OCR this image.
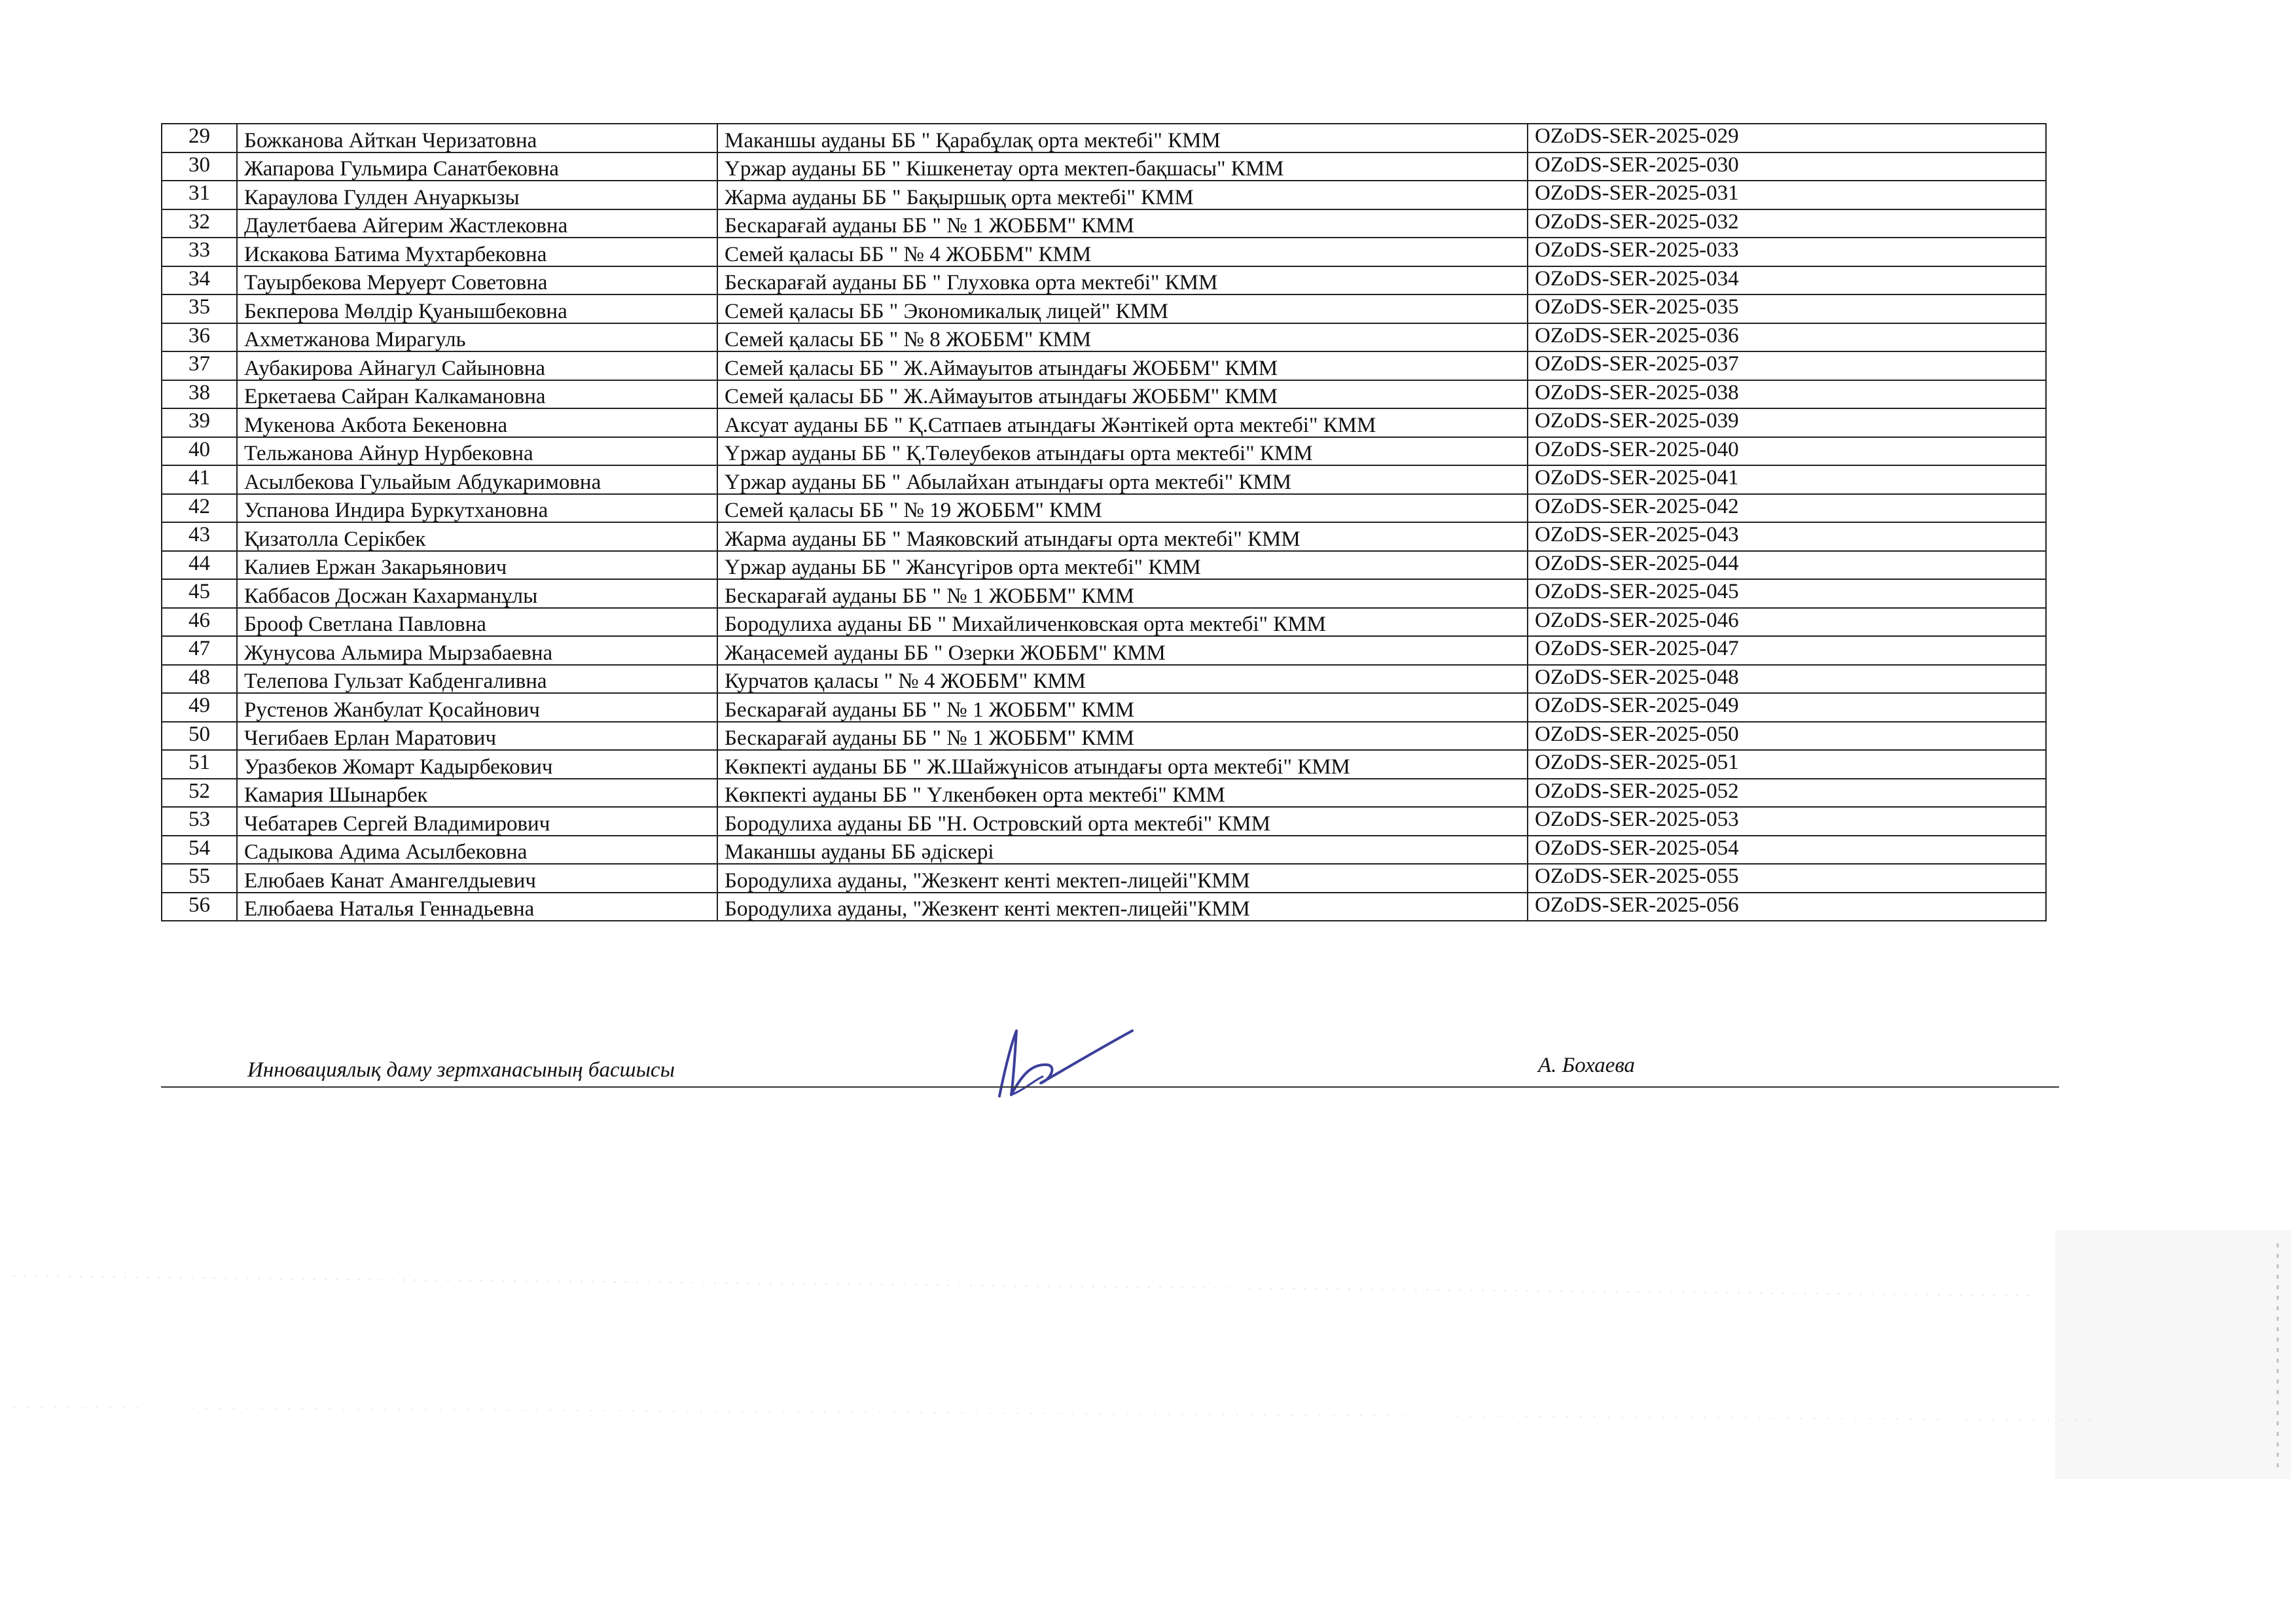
29	Божканова Айткан Черизатовна	Маканшы ауданы ББ " Қарабұлақ орта мектебі" КММ	OZoDS-SER-2025-029
30	Жапарова Гульмира Санатбековна	Үржар ауданы ББ " Кішкенетау орта мектеп-бақшасы" КММ	OZoDS-SER-2025-030
31	Караулова Гулден Ануаркызы	Жарма ауданы ББ " Бақыршық орта мектебі" КММ	OZoDS-SER-2025-031
32	Даулетбаева Айгерим Жастлековна	Бескарағай ауданы ББ " № 1 ЖОББМ" КММ	OZoDS-SER-2025-032
33	Искакова Батима Мухтарбековна	Семей қаласы ББ " № 4 ЖОББМ" КММ	OZoDS-SER-2025-033
34	Тауырбекова Меруерт Советовна	Бескарағай ауданы ББ " Глуховка орта мектебі" КММ	OZoDS-SER-2025-034
35	Бекперова Мөлдір Қуанышбековна	Семей қаласы ББ " Экономикалық лицей" КММ	OZoDS-SER-2025-035
36	Ахметжанова Мирагуль	Семей қаласы ББ " № 8 ЖОББМ" КММ	OZoDS-SER-2025-036
37	Аубакирова Айнагул Сайыновна	Семей қаласы ББ " Ж.Аймауытов атындағы ЖОББМ" КММ	OZoDS-SER-2025-037
38	Еркетаева Сайран Калкамановна	Семей қаласы ББ " Ж.Аймауытов атындағы ЖОББМ" КММ	OZoDS-SER-2025-038
39	Мукенова Акбота Бекеновна	Аксуат ауданы ББ " Қ.Сатпаев атындағы Жәнтікей орта мектебі" КММ	OZoDS-SER-2025-039
40	Тельжанова Айнур Нурбековна	Үржар ауданы ББ " Қ.Төлеубеков атындағы орта мектебі" КММ	OZoDS-SER-2025-040
41	Асылбекова Гульайым Абдукаримовна	Үржар ауданы ББ " Абылайхан атындағы орта мектебі" КММ	OZoDS-SER-2025-041
42	Успанова Индира Буркутхановна	Семей қаласы ББ " № 19 ЖОББМ" КММ	OZoDS-SER-2025-042
43	Қизатолла Серікбек	Жарма ауданы ББ " Маяковский атындағы орта мектебі" КММ	OZoDS-SER-2025-043
44	Калиев Ержан Закарьянович	Үржар ауданы ББ " Жансүгіров орта мектебі" КММ	OZoDS-SER-2025-044
45	Каббасов Досжан Кахарманұлы	Бескарағай ауданы ББ " № 1 ЖОББМ" КММ	OZoDS-SER-2025-045
46	Брооф Светлана Павловна	Бородулиха ауданы ББ " Михайличенковская орта мектебі" КММ	OZoDS-SER-2025-046
47	Жунусова Альмира Мырзабаевна	Жаңасемей ауданы ББ " Озерки ЖОББМ" КММ	OZoDS-SER-2025-047
48	Телепова Гульзат Кабденгаливна	Курчатов қаласы " № 4 ЖОББМ" КММ	OZoDS-SER-2025-048
49	Рустенов Жанбулат Қосайнович	Бескарағай ауданы ББ " № 1 ЖОББМ" КММ	OZoDS-SER-2025-049
50	Чегибаев Ерлан Маратович	Бескарағай ауданы ББ " № 1 ЖОББМ" КММ	OZoDS-SER-2025-050
51	Уразбеков Жомарт Кадырбекович	Көкпекті ауданы ББ " Ж.Шайжүнісов атындағы орта мектебі" КММ	OZoDS-SER-2025-051
52	Камария Шынарбек	Көкпекті ауданы ББ " Үлкенбөкен орта мектебі" КММ	OZoDS-SER-2025-052
53	Чебатарев Сергей Владимирович	Бородулиха ауданы ББ "Н. Островский орта мектебі" КММ	OZoDS-SER-2025-053
54	Садыкова Адима Асылбековна	Маканшы ауданы ББ әдіскері	OZoDS-SER-2025-054
55	Елюбаев Канат Амангелдыевич	Бородулиха ауданы, "Жезкент кенті мектеп-лицейі"КММ	OZoDS-SER-2025-055
56	Елюбаева Наталья Геннадьевна	Бородулиха ауданы, "Жезкент кенті мектеп-лицейі"КММ	OZoDS-SER-2025-056
Инновациялық даму зертханасының басшысы	А. Бохаева
